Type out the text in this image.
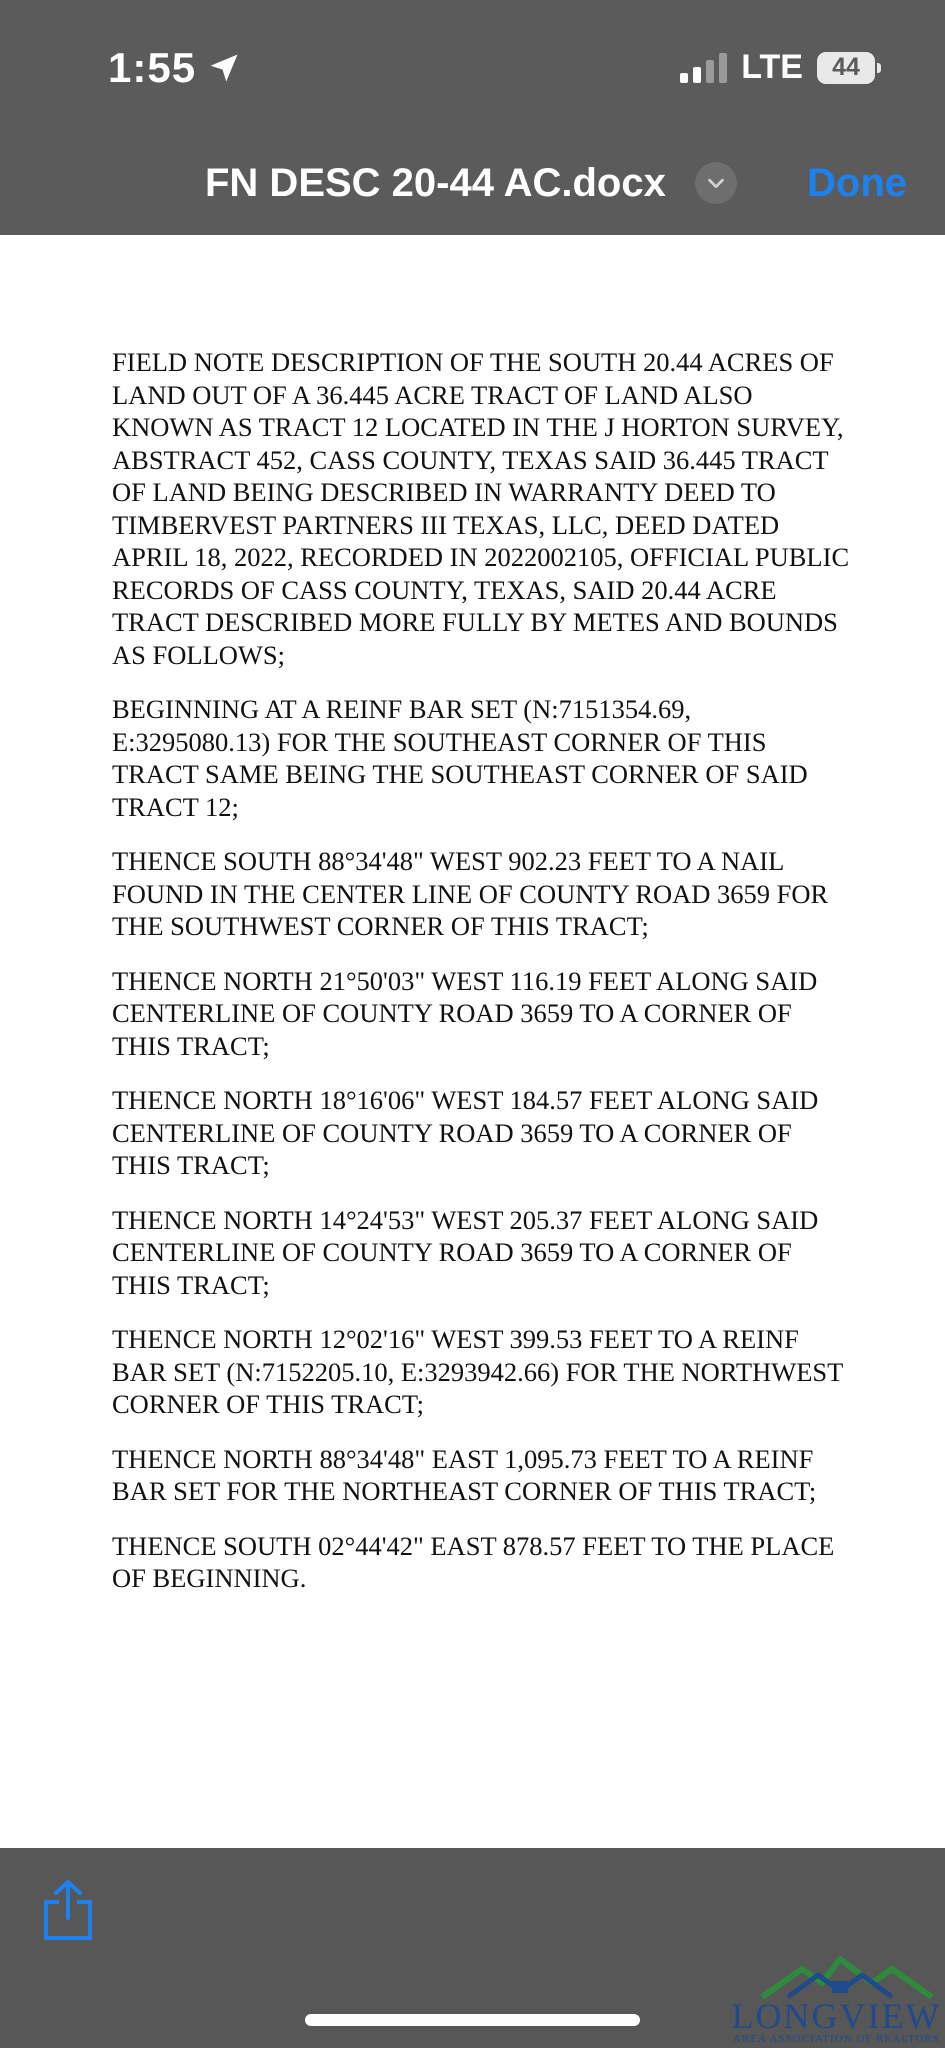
1:55	LTE 44
FN DESC 20-44 AC.docx	Done

FIELD NOTE DESCRIPTION OF THE SOUTH 20.44 ACRES OF LAND OUT OF A 36.445 ACRE TRACT OF LAND ALSO KNOWN AS TRACT 12 LOCATED IN THE J HORTON SURVEY, ABSTRACT 452, CASS COUNTY, TEXAS SAID 36.445 TRACT OF LAND BEING DESCRIBED IN WARRANTY DEED TO TIMBERVEST PARTNERS III TEXAS, LLC, DEED DATED APRIL 18, 2022, RECORDED IN 2022002105, OFFICIAL PUBLIC RECORDS OF CASS COUNTY, TEXAS, SAID 20.44 ACRE TRACT DESCRIBED MORE FULLY BY METES AND BOUNDS AS FOLLOWS;

BEGINNING AT A REINF BAR SET (N:7151354.69, E:3295080.13) FOR THE SOUTHEAST CORNER OF THIS TRACT SAME BEING THE SOUTHEAST CORNER OF SAID TRACT 12;

THENCE SOUTH 88°34'48" WEST 902.23 FEET TO A NAIL FOUND IN THE CENTER LINE OF COUNTY ROAD 3659 FOR THE SOUTHWEST CORNER OF THIS TRACT;

THENCE NORTH 21°50'03" WEST 116.19 FEET ALONG SAID CENTERLINE OF COUNTY ROAD 3659 TO A CORNER OF THIS TRACT;

THENCE NORTH 18°16'06" WEST 184.57 FEET ALONG SAID CENTERLINE OF COUNTY ROAD 3659 TO A CORNER OF THIS TRACT;

THENCE NORTH 14°24'53" WEST 205.37 FEET ALONG SAID CENTERLINE OF COUNTY ROAD 3659 TO A CORNER OF THIS TRACT;

THENCE NORTH 12°02'16" WEST 399.53 FEET TO A REINF BAR SET (N:7152205.10, E:3293942.66) FOR THE NORTHWEST CORNER OF THIS TRACT;

THENCE NORTH 88°34'48" EAST 1,095.73 FEET TO A REINF BAR SET FOR THE NORTHEAST CORNER OF THIS TRACT;

THENCE SOUTH 02°44'42" EAST 878.57 FEET TO THE PLACE OF BEGINNING.

LONGVIEW
AREA ASSOCIATION OF REALTORS
